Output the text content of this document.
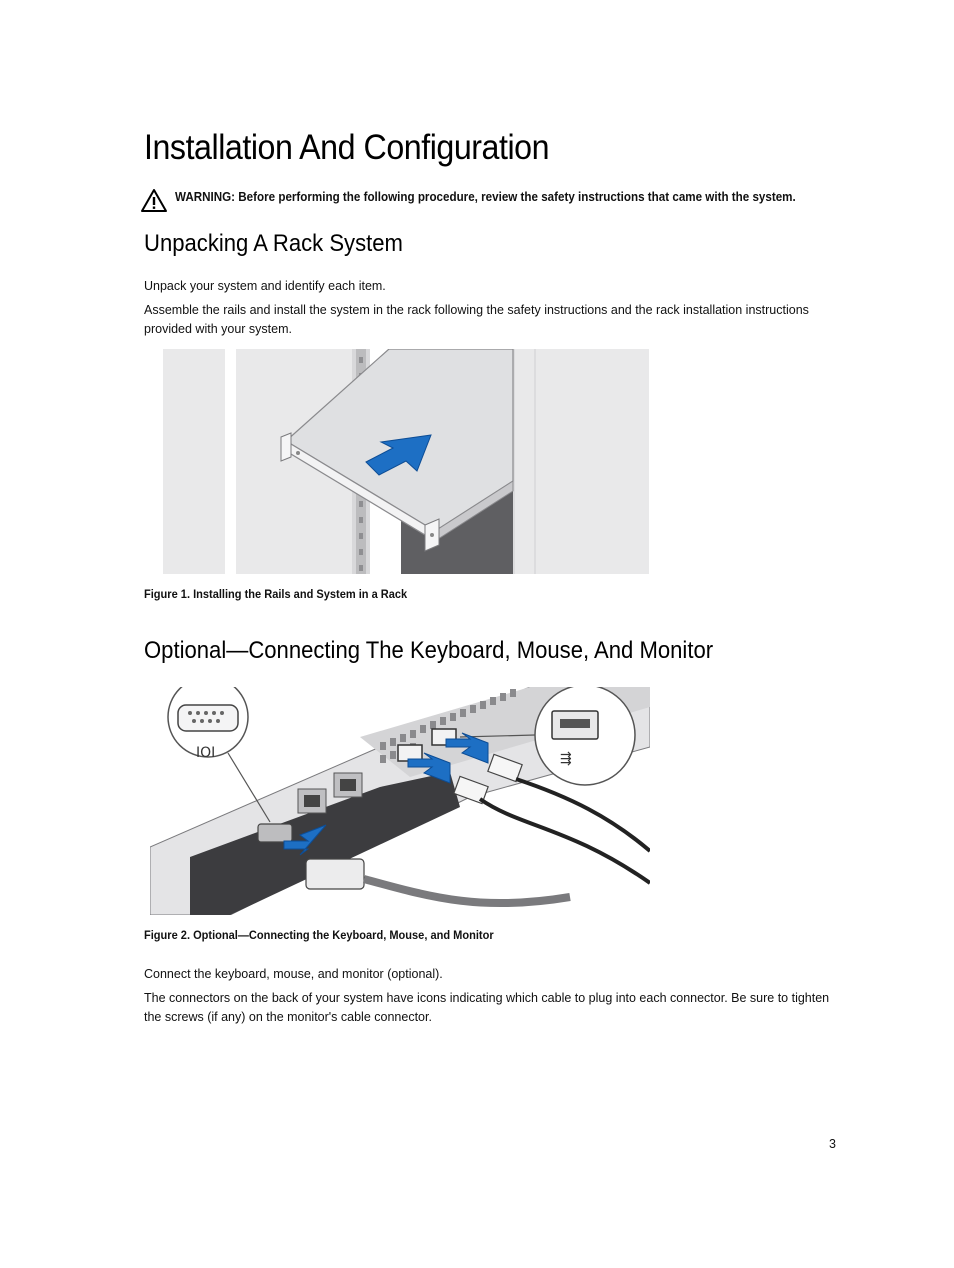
Installation And Configuration
WARNING: Before performing the following procedure, review the safety instructions that came with the system.
Unpacking A Rack System

Unpack your system and identify each item.

Assemble the rails and install the system in the rack following the safety instructions and the rack installation instructions provided with your system.

Figure 1. Installing the Rails and System in a Rack
Optional—Connecting The Keyboard, Mouse, And Monitor
IOI	⇶
Figure 2. Optional—Connecting the Keyboard, Mouse, and Monitor

Connect the keyboard, mouse, and monitor (optional).

The connectors on the back of your system have icons indicating which cable to plug into each connector. Be sure to tighten the screws (if any) on the monitor's cable connector.

3
